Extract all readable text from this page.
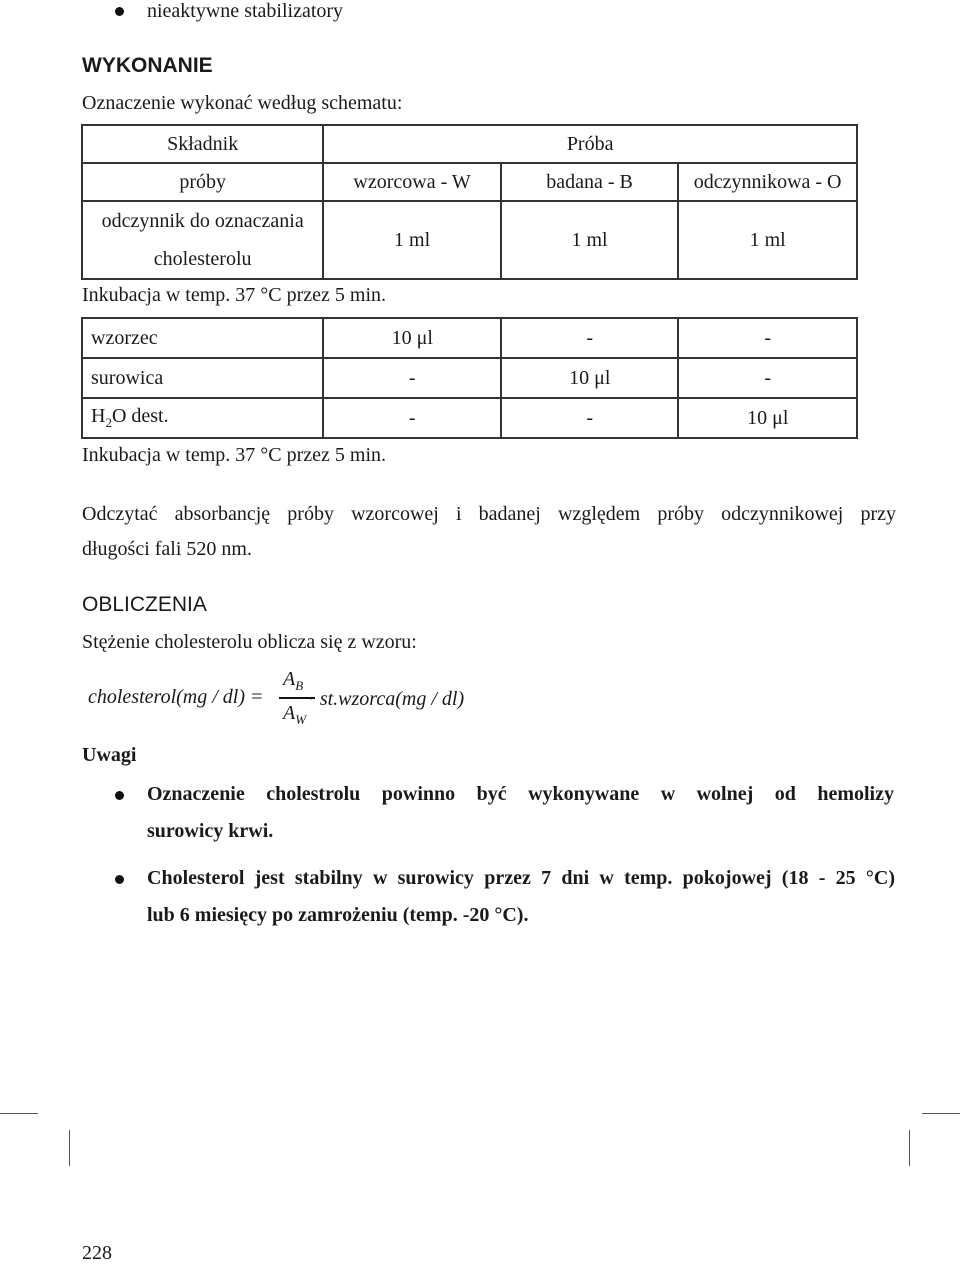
nieaktywne stabilizatory
WYKONANIE
Oznaczenie wykonać według schematu:
Składnik	Próba		
próby	wzorcowa - W	badana - B	odczynnikowa - O

odczynnik do oznaczania
cholesterolu	1 ml	1 ml	1 ml
Inkubacja w temp. 37 °C przez 5 min.
wzorzec	10 μl	-	-
surowica	-	10 μl	-
$H_2O$ dest.	-	-	10 μl
Inkubacja w temp. 37 °C przez 5 min.
Odczytać absorbancję próby wzorcowej i badanej względem próby odczynnikowej przy
długości fali 520 nm.
OBLICZENIA
Stężenie cholesterolu oblicza się z wzoru:
cholesterol(mg / dl) =
$A_B$
$A_W$
⋅ st.wzorca(mg / dl)
Uwagi
Oznaczenie cholestrolu powinno być wykonywane w wolnej od hemolizy
surowicy krwi.
Cholesterol jest stabilny w surowicy przez 7 dni w temp. pokojowej (18 - 25 °C)
lub 6 miesięcy po zamrożeniu (temp. -20 °C).
228
